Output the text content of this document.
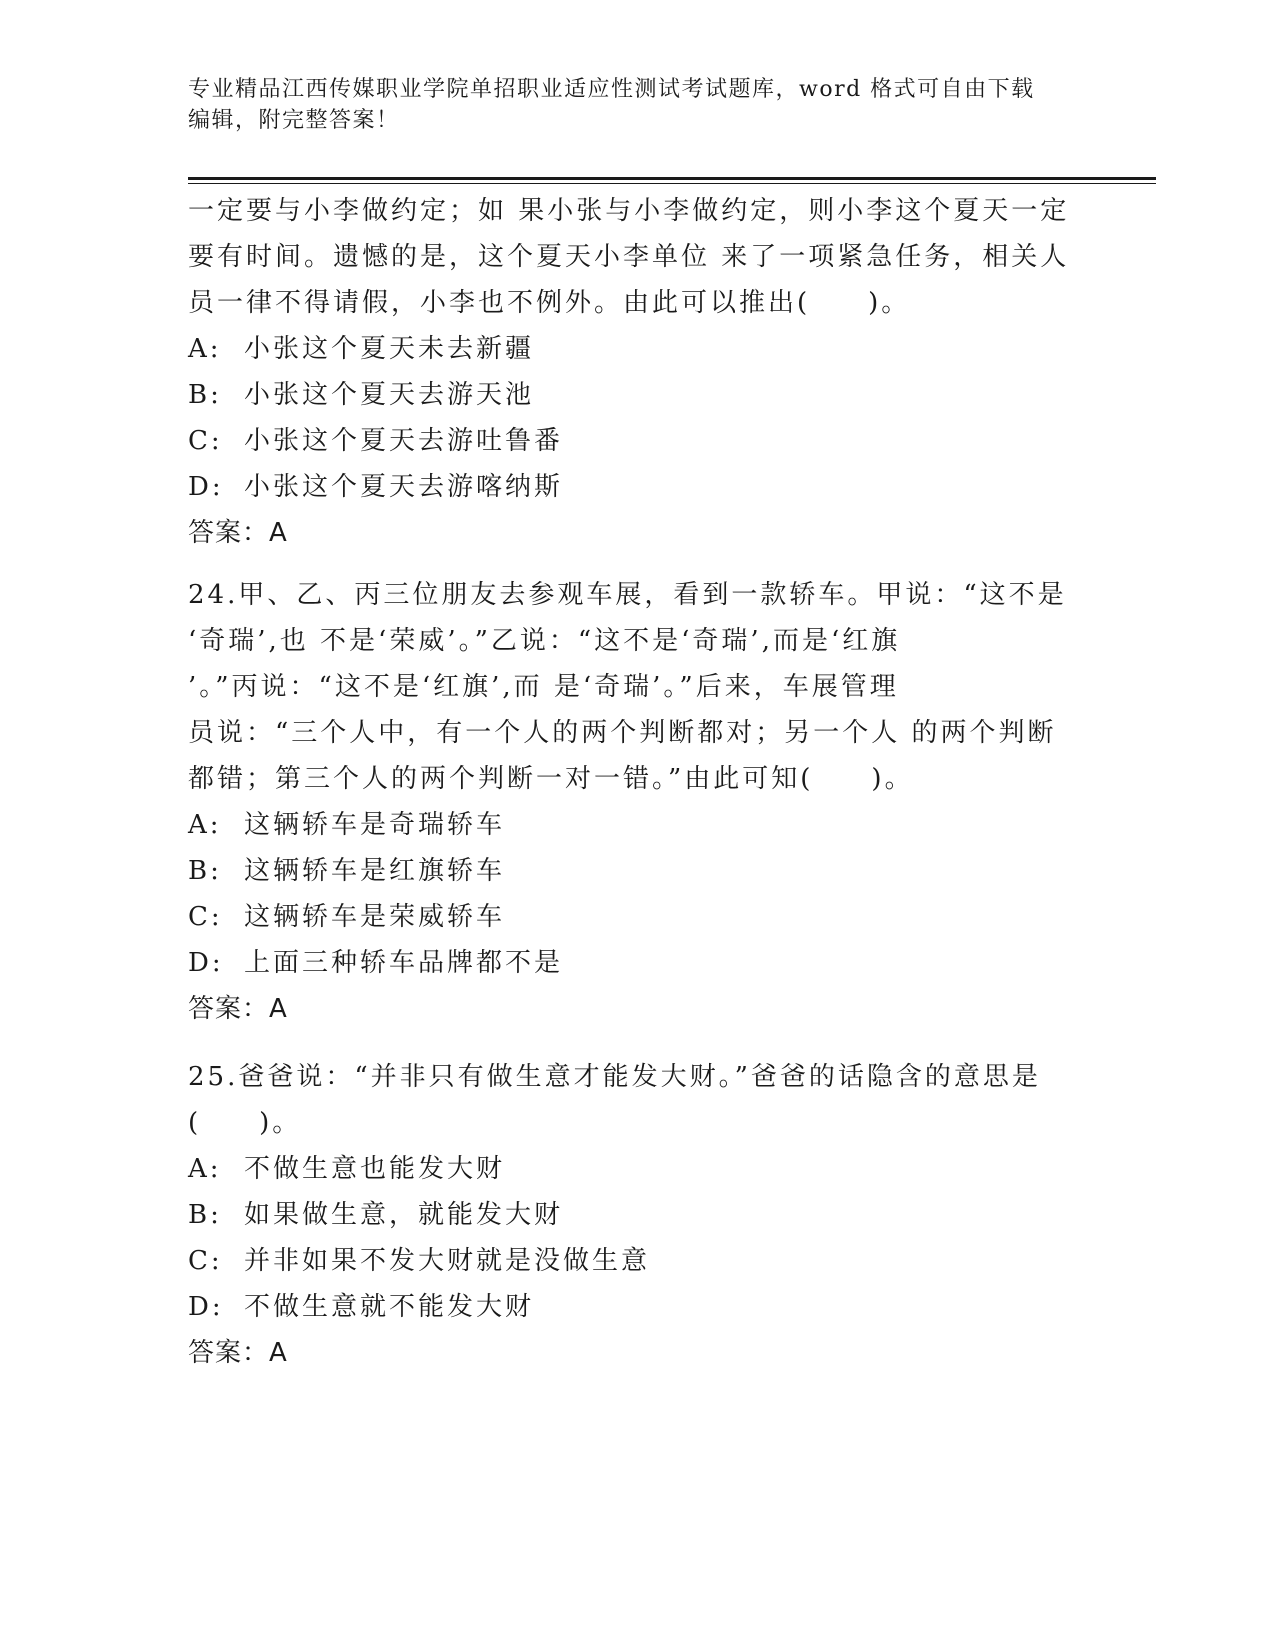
专业精品江西传媒职业学院单招职业适应性测试考试题库，word 格式可自由下载
编辑，附完整答案！
一定要与小李做约定；如 果小张与小李做约定，则小李这个夏天一定
要有时间。遗憾的是，这个夏天小李单位 来了一项紧急任务，相关人
员一律不得请假，小李也不例外。由此可以推出(　　)。
A: 小张这个夏天未去新疆
B: 小张这个夏天去游天池
C: 小张这个夏天去游吐鲁番
D: 小张这个夏天去游喀纳斯
答案：A
24.甲、乙、丙三位朋友去参观车展，看到一款轿车。甲说：“这不是
‘奇瑞’,也 不是‘荣威’。”乙说：“这不是‘奇瑞’,而是‘红旗
’。”丙说：“这不是‘红旗’,而 是‘奇瑞’。”后来，车展管理
员说：“三个人中，有一个人的两个判断都对；另一个人 的两个判断
都错；第三个人的两个判断一对一错。”由此可知(　　)。
A: 这辆轿车是奇瑞轿车
B: 这辆轿车是红旗轿车
C: 这辆轿车是荣威轿车
D: 上面三种轿车品牌都不是
答案：A
25.爸爸说：“并非只有做生意才能发大财。”爸爸的话隐含的意思是
(　　)。
A: 不做生意也能发大财
B: 如果做生意，就能发大财
C: 并非如果不发大财就是没做生意
D: 不做生意就不能发大财
答案：A
